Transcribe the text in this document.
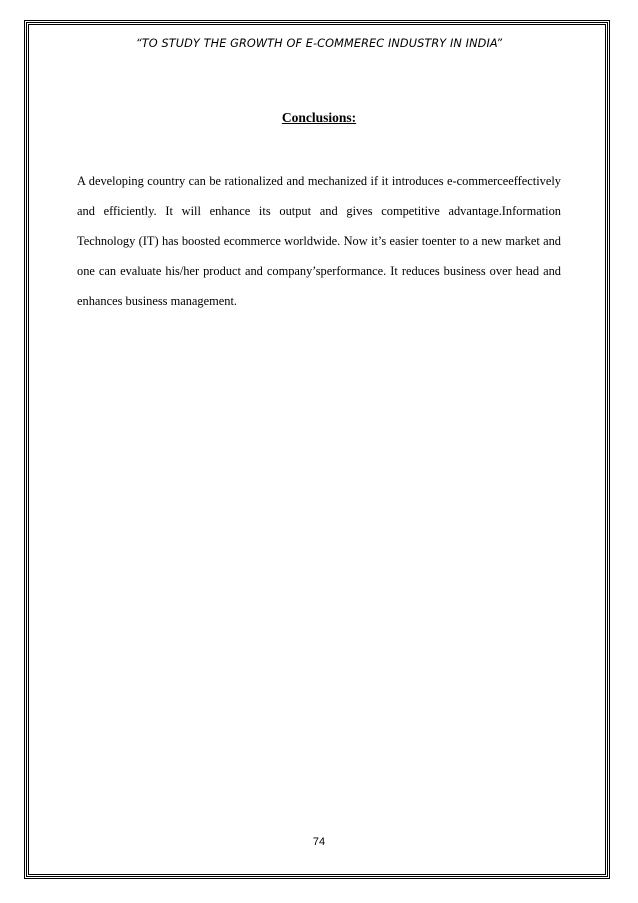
“TO STUDY THE GROWTH OF E-COMMEREC INDUSTRY IN INDIA”
Conclusions:

A developing country can be rationalized and mechanized if it introduces e-commerceeffectively and efficiently. It will enhance its output and gives competitive advantage.Information Technology (IT) has boosted ecommerce worldwide. Now it’s easier toenter to a new market and one can evaluate his/her product and company’sperformance. It reduces business over head and enhances business management.

74
